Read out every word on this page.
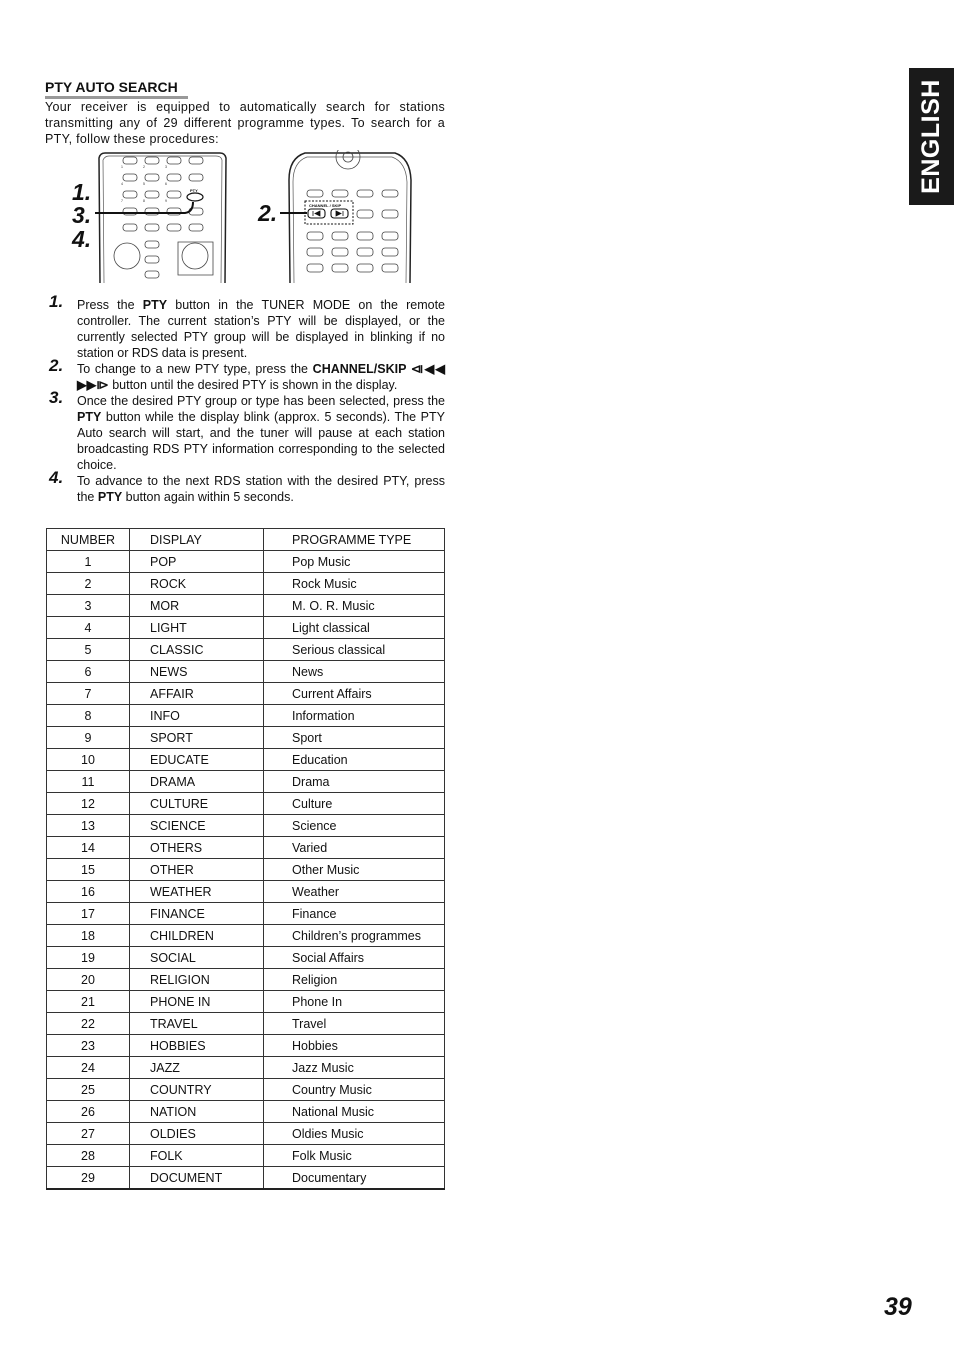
ENGLISH
PTY AUTO SEARCH
Your receiver is equipped to automatically search for stations transmitting any of 29 different programme types. To search for a PTY, follow these procedures:
1	2	3
4	5	6
7	8	9
PTY
1.
3.
4.
CHANNEL / SKIP
2.
1. Press the PTY button in the TUNER MODE on the remote controller. The current station’s PTY will be displayed, or the currently selected PTY group will be displayed in blinking if no station or RDS data is present.
2. To change to a new PTY type, press the CHANNEL/SKIP ⧏◀◀ ▶▶⧐ button until the desired PTY is shown in the display.
3. Once the desired PTY group or type has been selected, press the PTY button while the display blink (approx. 5 seconds). The PTY Auto search will start, and the tuner will pause at each station broadcasting RDS PTY information corresponding to the selected choice.
4. To advance to the next RDS station with the desired PTY, press the PTY button again within 5 seconds.
NUMBER	DISPLAY	PROGRAMME TYPE
1	POP	Pop Music
2	ROCK	Rock Music
3	MOR	M. O. R. Music
4	LIGHT	Light classical
5	CLASSIC	Serious classical
6	NEWS	News
7	AFFAIR	Current Affairs
8	INFO	Information
9	SPORT	Sport
10	EDUCATE	Education
11	DRAMA	Drama
12	CULTURE	Culture
13	SCIENCE	Science
14	OTHERS	Varied
15	OTHER	Other Music
16	WEATHER	Weather
17	FINANCE	Finance
18	CHILDREN	Children’s programmes
19	SOCIAL	Social Affairs
20	RELIGION	Religion
21	PHONE IN	Phone In
22	TRAVEL	Travel
23	HOBBIES	Hobbies
24	JAZZ	Jazz Music
25	COUNTRY	Country Music
26	NATION	National Music
27	OLDIES	Oldies Music
28	FOLK	Folk Music
29	DOCUMENT	Documentary
39
